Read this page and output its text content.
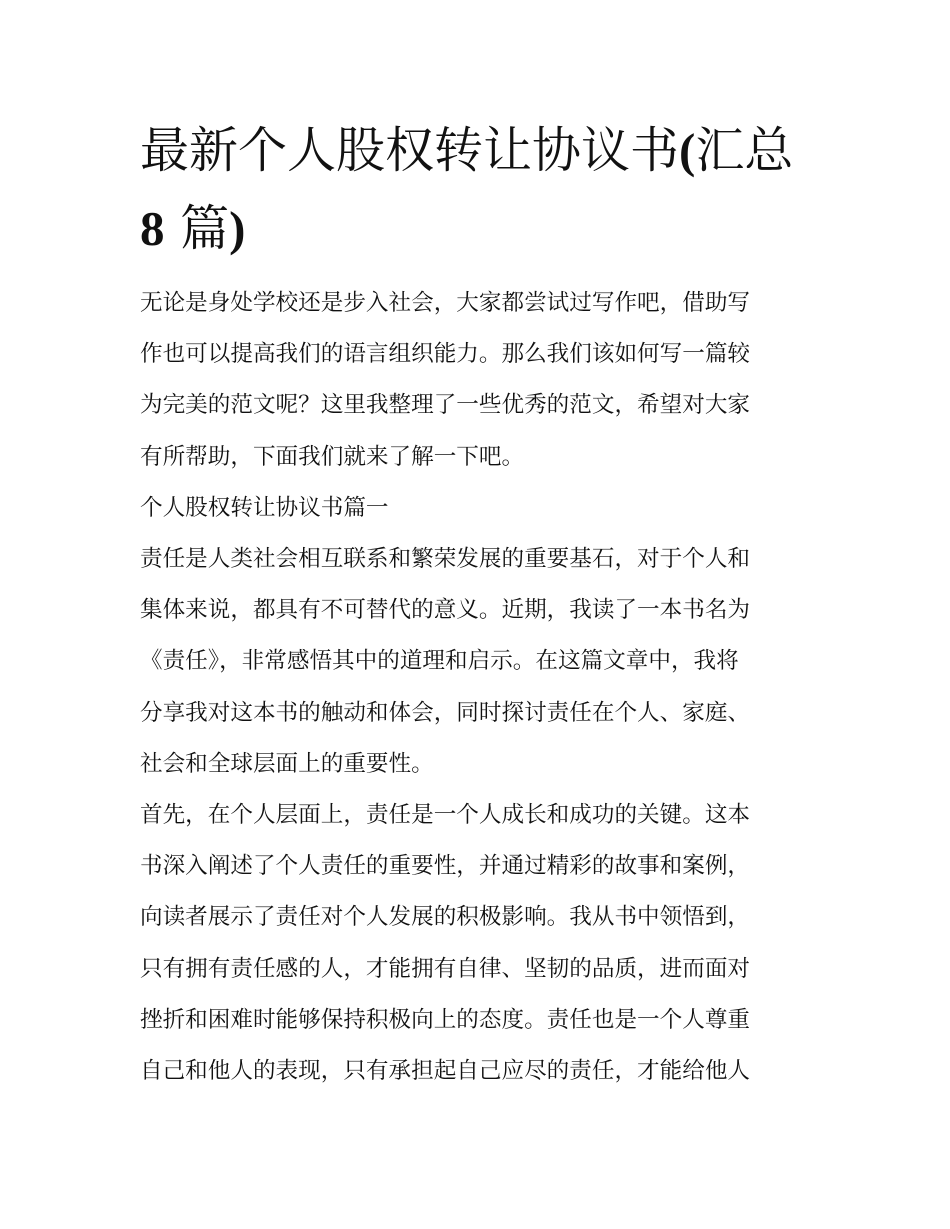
最新个人股权转让协议书(汇总
8 篇)

无论是身处学校还是步入社会，大家都尝试过写作吧，借助写

作也可以提高我们的语言组织能力。那么我们该如何写一篇较

为完美的范文呢？这里我整理了一些优秀的范文，希望对大家

有所帮助，下面我们就来了解一下吧。

个人股权转让协议书篇一

责任是人类社会相互联系和繁荣发展的重要基石，对于个人和

集体来说，都具有不可替代的意义。近期，我读了一本书名为

《责任》，非常感悟其中的道理和启示。在这篇文章中，我将

分享我对这本书的触动和体会，同时探讨责任在个人、家庭、

社会和全球层面上的重要性。

首先，在个人层面上，责任是一个人成长和成功的关键。这本

书深入阐述了个人责任的重要性，并通过精彩的故事和案例，

向读者展示了责任对个人发展的积极影响。我从书中领悟到，

只有拥有责任感的人，才能拥有自律、坚韧的品质，进而面对

挫折和困难时能够保持积极向上的态度。责任也是一个人尊重

自己和他人的表现，只有承担起自己应尽的责任，才能给他人
